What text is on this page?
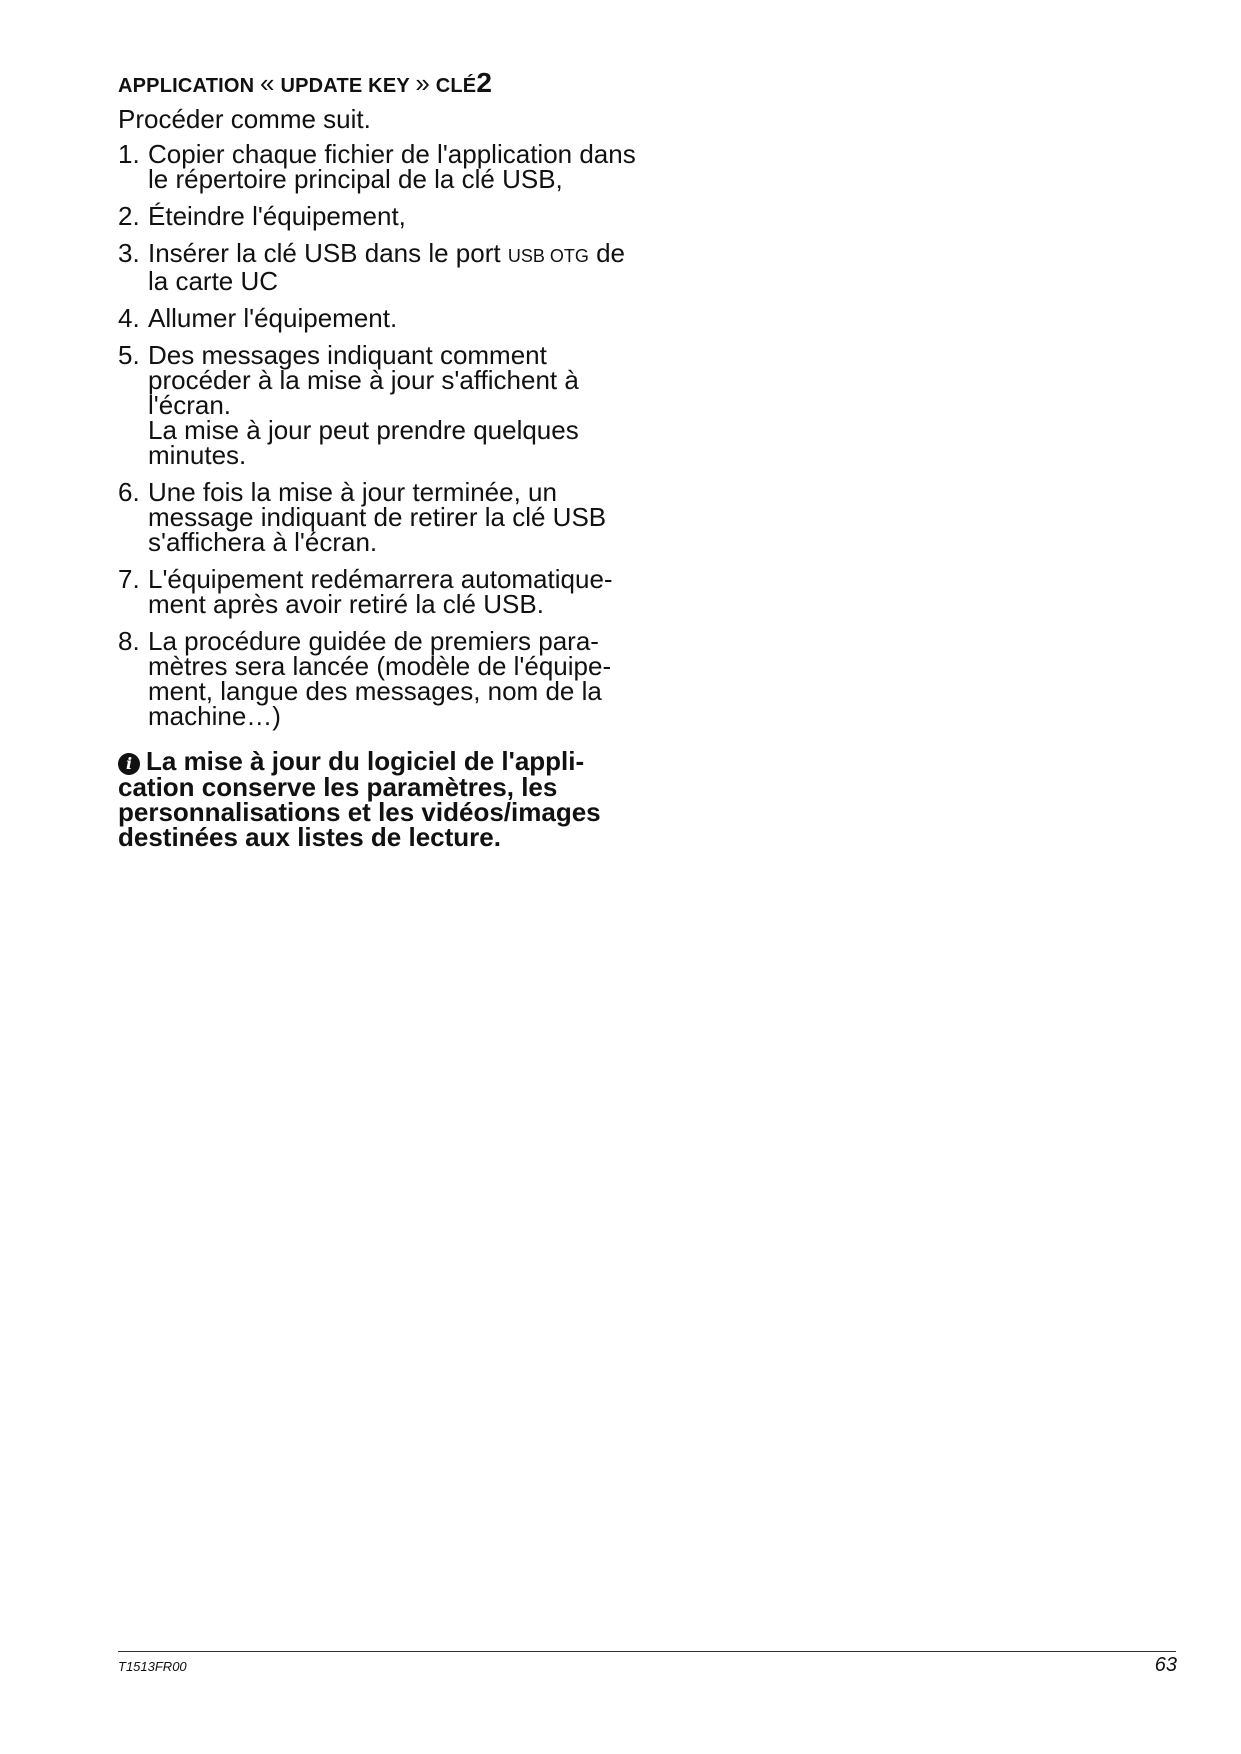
APPLICATION « UPDATE KEY » CLÉ2

Procéder comme suit.

1. Copier chaque fichier de l'application dans le répertoire principal de la clé USB,
2. Éteindre l'équipement,
3. Insérer la clé USB dans le port USB OTG de la carte UC
4. Allumer l'équipement.
5. Des messages indiquant comment procéder à la mise à jour s'affichent à l'écran.
La mise à jour peut prendre quelques minutes.
6. Une fois la mise à jour terminée, un message indiquant de retirer la clé USB s'affichera à l'écran.
7. L'équipement redémarrera automatique-ment après avoir retiré la clé USB.
8. La procédure guidée de premiers para-mètres sera lancée (modèle de l'équipe-ment, langue des messages, nom de la machine…)
i La mise à jour du logiciel de l'appli-cation conserve les paramètres, les personnalisations et les vidéos/images destinées aux listes de lecture.
T1513FR00	63
